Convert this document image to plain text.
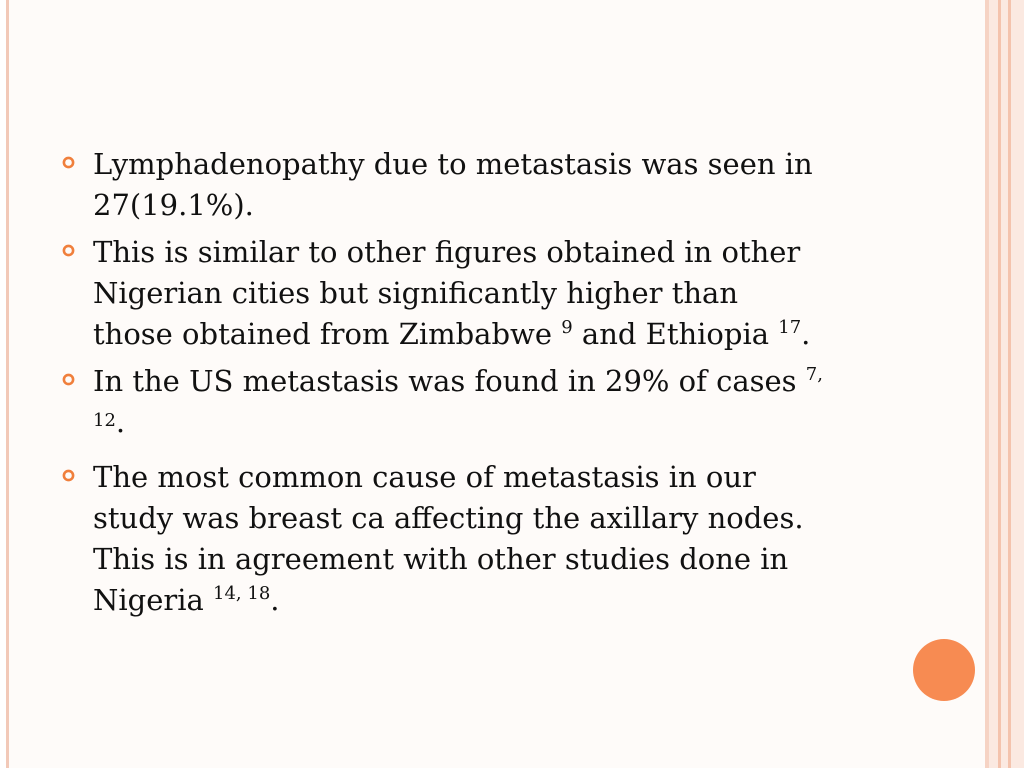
Lymphadenopathy due to metastasis was seen in
27(19.1%).
This is similar to other figures obtained in other
Nigerian cities but significantly higher than
those obtained from Zimbabwe $^9$ and Ethiopia $^{17}$.
In the US metastasis was found in 29% of cases $^{7,}$
$^{12}$.
The most common cause of metastasis in our
study was breast ca affecting the axillary nodes.
This is in agreement with other studies done in
Nigeria $^{14, 18}$.
